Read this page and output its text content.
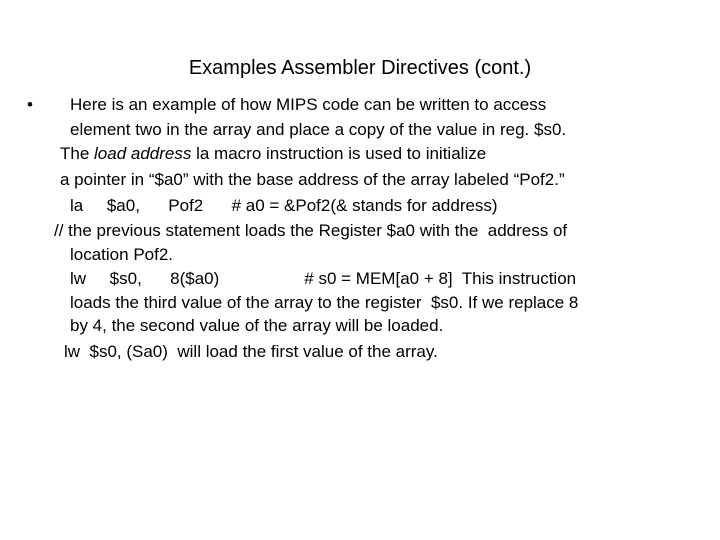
Examples Assembler Directives (cont.)
• Here is an example of how MIPS code can be written to access
element two in the array and place a copy of the value in reg. $s0.
The load address la macro instruction is used to initialize
a pointer in “$a0” with the base address of the array labeled “Pof2.”
la     $a0,      Pof2      # a0 = &Pof2(& stands for address)
// the previous statement loads the Register $a0 with the  address of
location Pof2.
lw     $s0,      8($a0)                  # s0 = MEM[a0 + 8]  This instruction
loads the third value of the array to the register  $s0. If we replace 8
by 4, the second value of the array will be loaded.
lw  $s0, (Sa0)  will load the first value of the array.
